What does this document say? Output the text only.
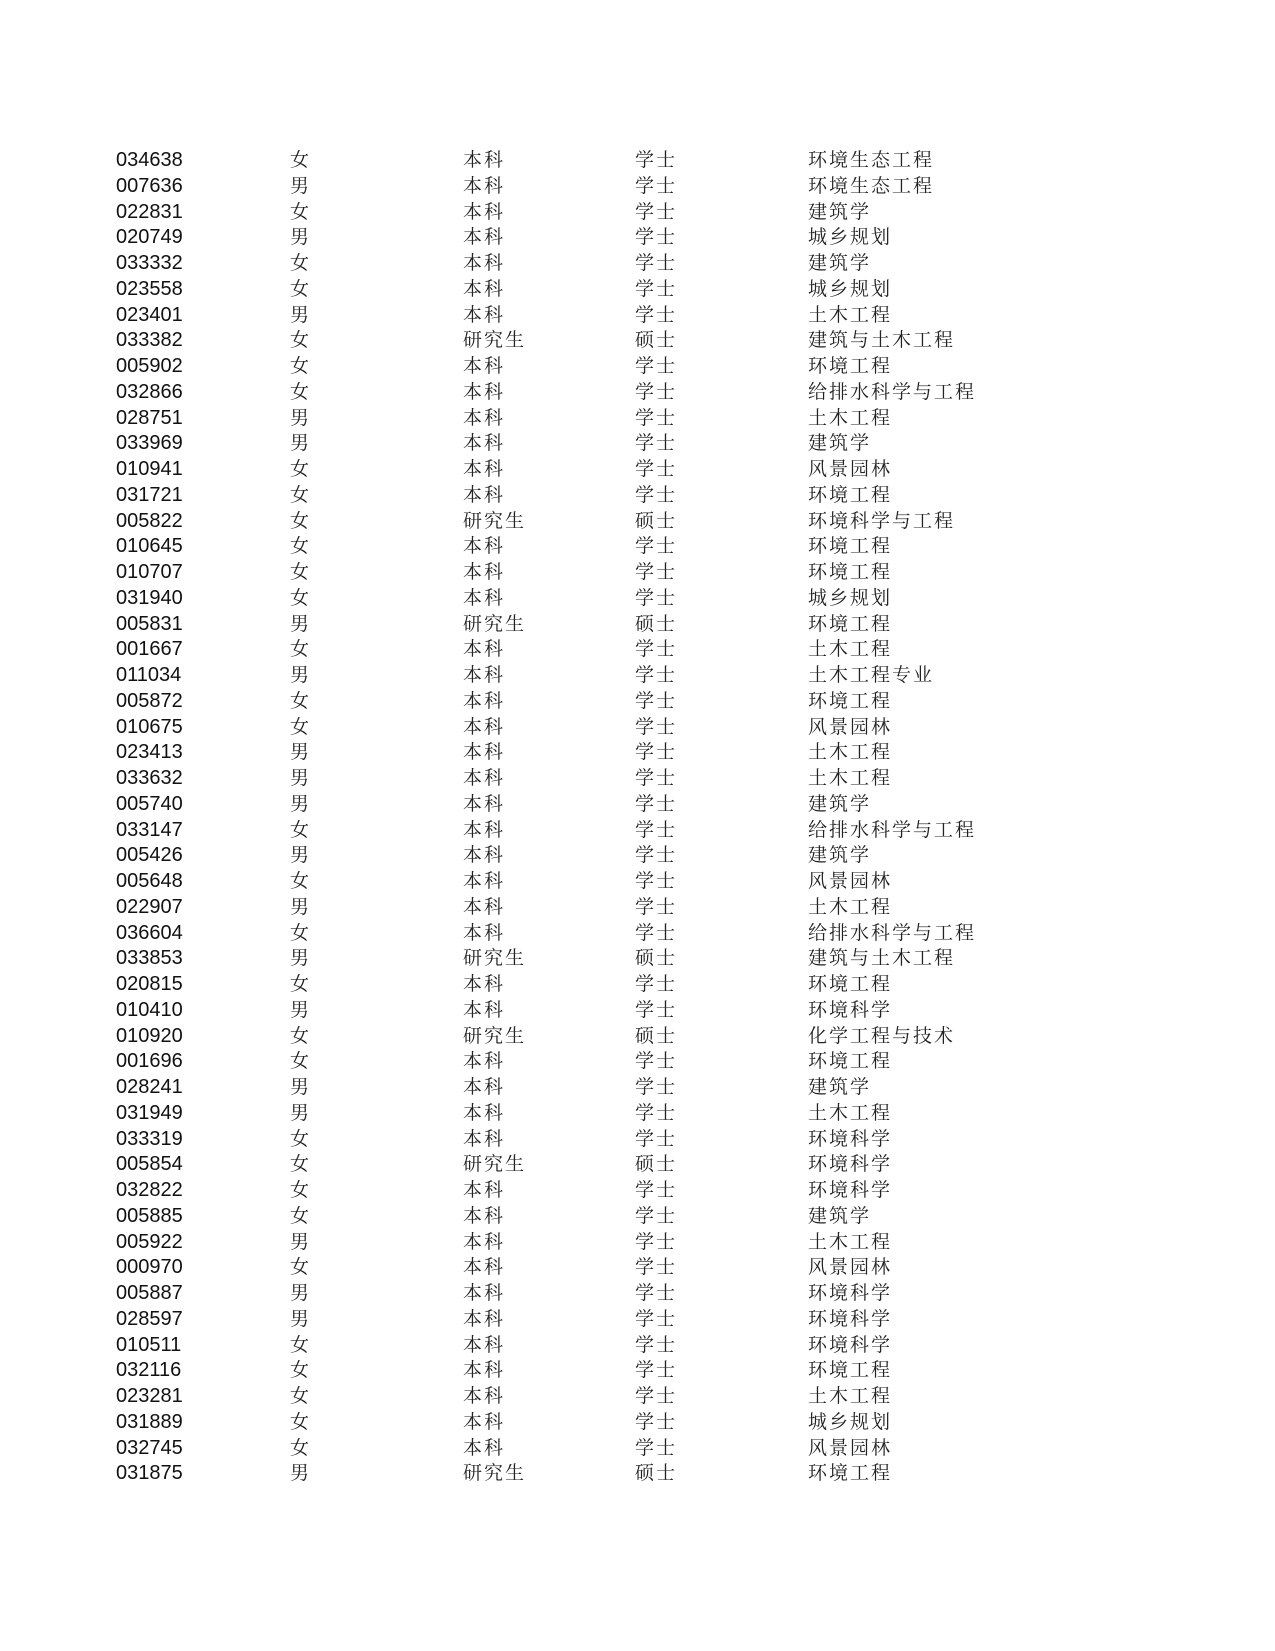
034638	女	本科	学士	环境生态工程
007636	男	本科	学士	环境生态工程
022831	女	本科	学士	建筑学
020749	男	本科	学士	城乡规划
033332	女	本科	学士	建筑学
023558	女	本科	学士	城乡规划
023401	男	本科	学士	土木工程
033382	女	研究生	硕士	建筑与土木工程
005902	女	本科	学士	环境工程
032866	女	本科	学士	给排水科学与工程
028751	男	本科	学士	土木工程
033969	男	本科	学士	建筑学
010941	女	本科	学士	风景园林
031721	女	本科	学士	环境工程
005822	女	研究生	硕士	环境科学与工程
010645	女	本科	学士	环境工程
010707	女	本科	学士	环境工程
031940	女	本科	学士	城乡规划
005831	男	研究生	硕士	环境工程
001667	女	本科	学士	土木工程
011034	男	本科	学士	土木工程专业
005872	女	本科	学士	环境工程
010675	女	本科	学士	风景园林
023413	男	本科	学士	土木工程
033632	男	本科	学士	土木工程
005740	男	本科	学士	建筑学
033147	女	本科	学士	给排水科学与工程
005426	男	本科	学士	建筑学
005648	女	本科	学士	风景园林
022907	男	本科	学士	土木工程
036604	女	本科	学士	给排水科学与工程
033853	男	研究生	硕士	建筑与土木工程
020815	女	本科	学士	环境工程
010410	男	本科	学士	环境科学
010920	女	研究生	硕士	化学工程与技术
001696	女	本科	学士	环境工程
028241	男	本科	学士	建筑学
031949	男	本科	学士	土木工程
033319	女	本科	学士	环境科学
005854	女	研究生	硕士	环境科学
032822	女	本科	学士	环境科学
005885	女	本科	学士	建筑学
005922	男	本科	学士	土木工程
000970	女	本科	学士	风景园林
005887	男	本科	学士	环境科学
028597	男	本科	学士	环境科学
010511	女	本科	学士	环境科学
032116	女	本科	学士	环境工程
023281	女	本科	学士	土木工程
031889	女	本科	学士	城乡规划
032745	女	本科	学士	风景园林
031875	男	研究生	硕士	环境工程
